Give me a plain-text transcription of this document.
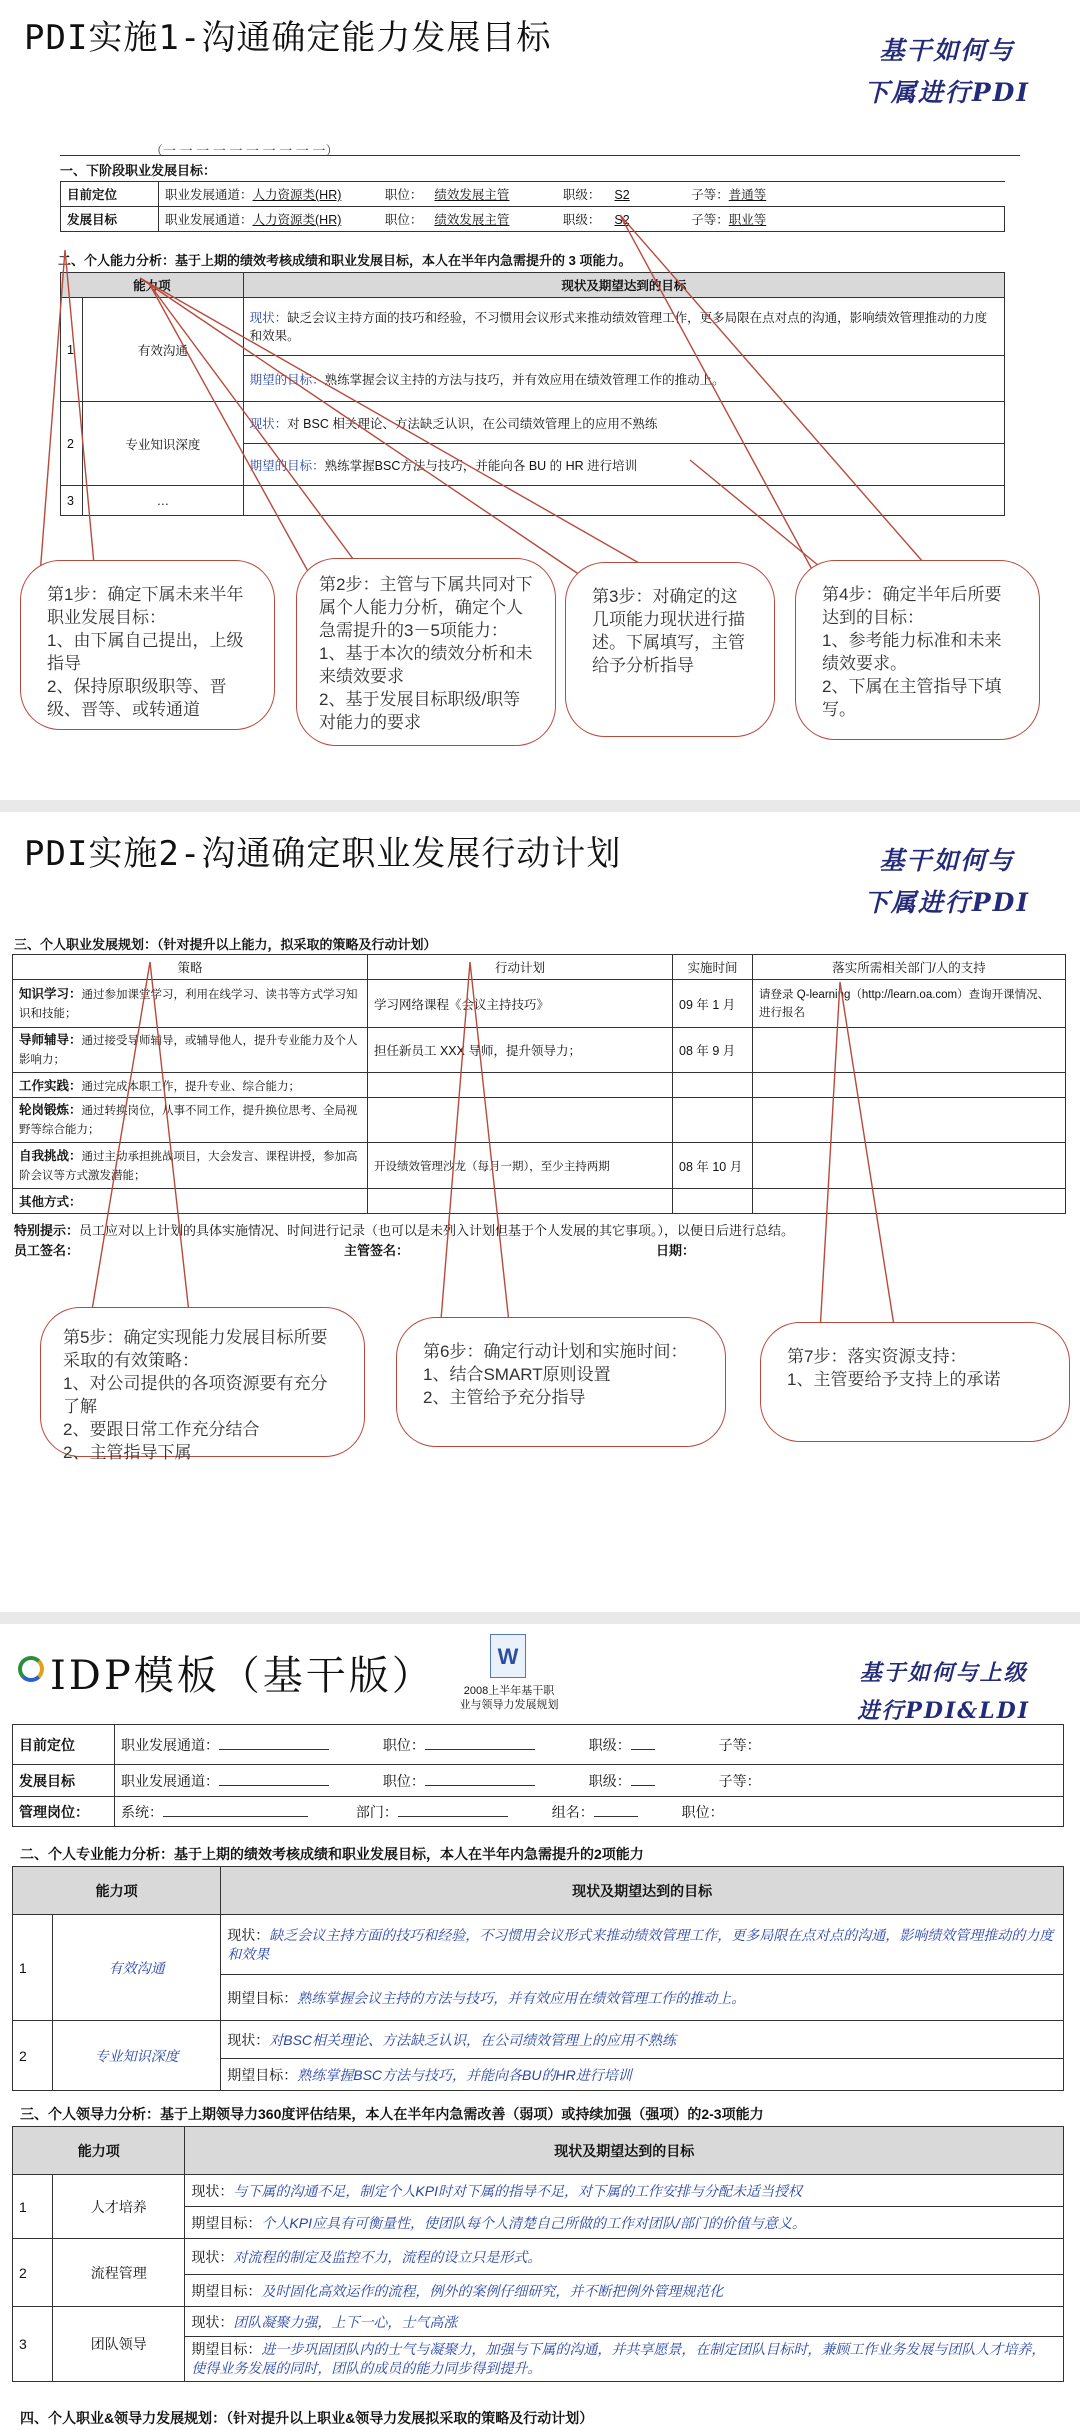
PDI实施1-沟通确定能力发展目标	基干如何与
下属进行PDI
（一 一 一 一 一 一 一 一 一 一）
一、下阶段职业发展目标：
目前定位	职业发展通道：人力资源类(HR) 职位： 绩效发展主管 职级： S2 子等：普通等
发展目标	职业发展通道：人力资源类(HR) 职位： 绩效发展主管 职级： S2 子等：职业等
二、个人能力分析：基于上期的绩效考核成绩和职业发展目标，本人在半年内急需提升的 3 项能力。
能力项		现状及期望达到的目标
1	有效沟通	现状：缺乏会议主持方面的技巧和经验，不习惯用会议形式来推动绩效管理工作，更多局限在点对点的沟通，影响绩效管理推动的力度和效果。
		期望的目标：熟练掌握会议主持的方法与技巧，并有效应用在绩效管理工作的推动上。
2	专业知识深度	现状：对 BSC 相关理论、方法缺乏认识，在公司绩效管理上的应用不熟练
		期望的目标：熟练掌握BSC方法与技巧，并能向各 BU 的 HR 进行培训
3	…	
第1步：确定下属未来半年职业发展目标：
1、由下属自己提出，上级指导
2、保持原职级职等、晋级、晋等、或转通道
第2步：主管与下属共同对下属个人能力分析，确定个人急需提升的3－5项能力：
1、基于本次的绩效分析和未来绩效要求
2、基于发展目标职级/职等对能力的要求
第3步：对确定的这几项能力现状进行描述。下属填写，主管给予分析指导
第4步：确定半年后所要达到的目标：
1、参考能力标准和未来绩效要求。
2、下属在主管指导下填写。
PDI实施2-沟通确定职业发展行动计划	基干如何与
下属进行PDI
三、个人职业发展规划：（针对提升以上能力，拟采取的策略及行动计划）
策略	行动计划	实施时间	落实所需相关部门/人的支持
知识学习：通过参加课堂学习，利用在线学习、读书等方式学习知识和技能；	学习网络课程《会议主持技巧》	09 年 1 月	请登录 Q-learning（http://learn.oa.com）查询开课情况、进行报名
导师辅导：通过接受导师辅导，或辅导他人，提升专业能力及个人影响力；	担任新员工 XXX 导师，提升领导力；	08 年 9 月	
工作实践：通过完成本职工作，提升专业、综合能力；			
轮岗锻炼：通过转换岗位，从事不同工作，提升换位思考、全局视野等综合能力；			
自我挑战：通过主动承担挑战项目，大会发言、课程讲授，参加高阶会议等方式激发潜能；	开设绩效管理沙龙（每月一期），至少主持两期	08 年 10 月	
其他方式：			
特别提示：员工应对以上计划的具体实施情况、时间进行记录（也可以是未列入计划但基于个人发展的其它事项。），以便日后进行总结。
员工签名：	主管签名：	日期：
第5步：确定实现能力发展目标所要采取的有效策略：
1、对公司提供的各项资源要有充分了解
2、要跟日常工作充分结合
2、主管指导下属
第6步：确定行动计划和实施时间：
1、结合SMART原则设置
2、主管给予充分指导
第7步：落实资源支持：
1、主管要给予支持上的承诺
IDP模板（基干版）	W
2008上半年基干职
业与领导力发展规划
基于如何与上级
进行PDI&LDI
目前定位	职业发展通道： 职位： 职级： 子等：
发展目标	职业发展通道： 职位： 职级： 子等：
管理岗位：	系统： 部门： 组名： 职位：
二、个人专业能力分析：基于上期的绩效考核成绩和职业发展目标，本人在半年内急需提升的2项能力
能力项		现状及期望达到的目标
1	有效沟通	现状：缺乏会议主持方面的技巧和经验，不习惯用会议形式来推动绩效管理工作，更多局限在点对点的沟通，影响绩效管理推动的力度和效果
		期望目标：熟练掌握会议主持的方法与技巧，并有效应用在绩效管理工作的推动上。
2	专业知识深度	现状：对BSC相关理论、方法缺乏认识，在公司绩效管理上的应用不熟练
		期望目标：熟练掌握BSC方法与技巧，并能向各BU的HR进行培训
三、个人领导力分析：基于上期领导力360度评估结果，本人在半年内急需改善（弱项）或持续加强（强项）的2-3项能力
能力项		现状及期望达到的目标
1	人才培养	现状：与下属的沟通不足，制定个人KPI时对下属的指导不足，对下属的工作安排与分配未适当授权
		期望目标：个人KPI应具有可衡量性，使团队每个人清楚自己所做的工作对团队/部门的价值与意义。
2	流程管理	现状：对流程的制定及监控不力，流程的设立只是形式。
		期望目标：及时固化高效运作的流程，例外的案例仔细研究，并不断把例外管理规范化
3	团队领导	现状：团队凝聚力强，上下一心，士气高涨
		期望目标：进一步巩固团队内的士气与凝聚力，加强与下属的沟通，并共享愿景，在制定团队目标时，兼顾工作业务发展与团队人才培养，使得业务发展的同时，团队的成员的能力同步得到提升。
四、个人职业&领导力发展规划：（针对提升以上职业&领导力发展拟采取的策略及行动计划）
